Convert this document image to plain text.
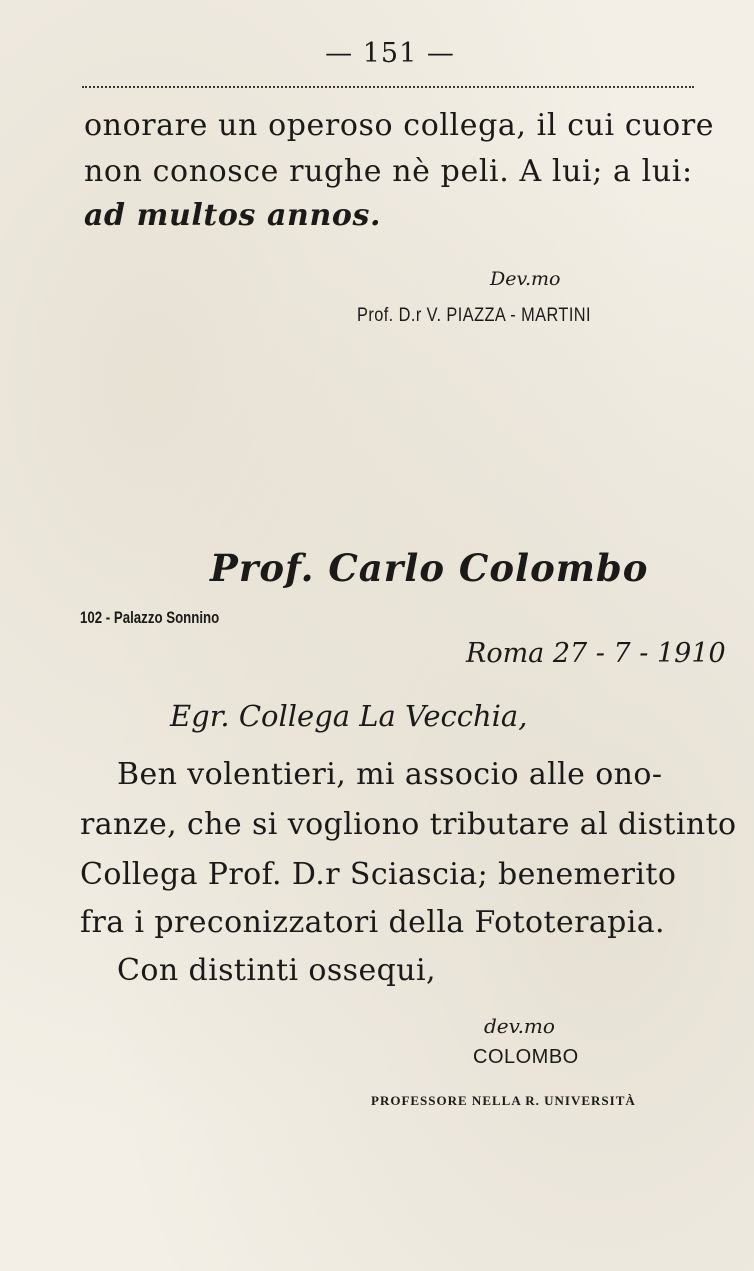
— 151 —

onorare un operoso collega, il cui cuore

non conosce rughe nè peli. A lui; a lui:

ad multos annos.

Dev.mo

Prof. D.r V. PIAZZA - MARTINI

Prof. Carlo Colombo

102 - Palazzo Sonnino

Roma 27 - 7 - 1910

Egr. Collega La Vecchia,

Ben volentieri, mi associo alle ono-

ranze, che si vogliono tributare al distinto

Collega Prof. D.r Sciascia; benemerito

fra i preconizzatori della Fototerapia.

Con distinti ossequi,

dev.mo

COLOMBO

PROFESSORE NELLA R. UNIVERSITÀ
